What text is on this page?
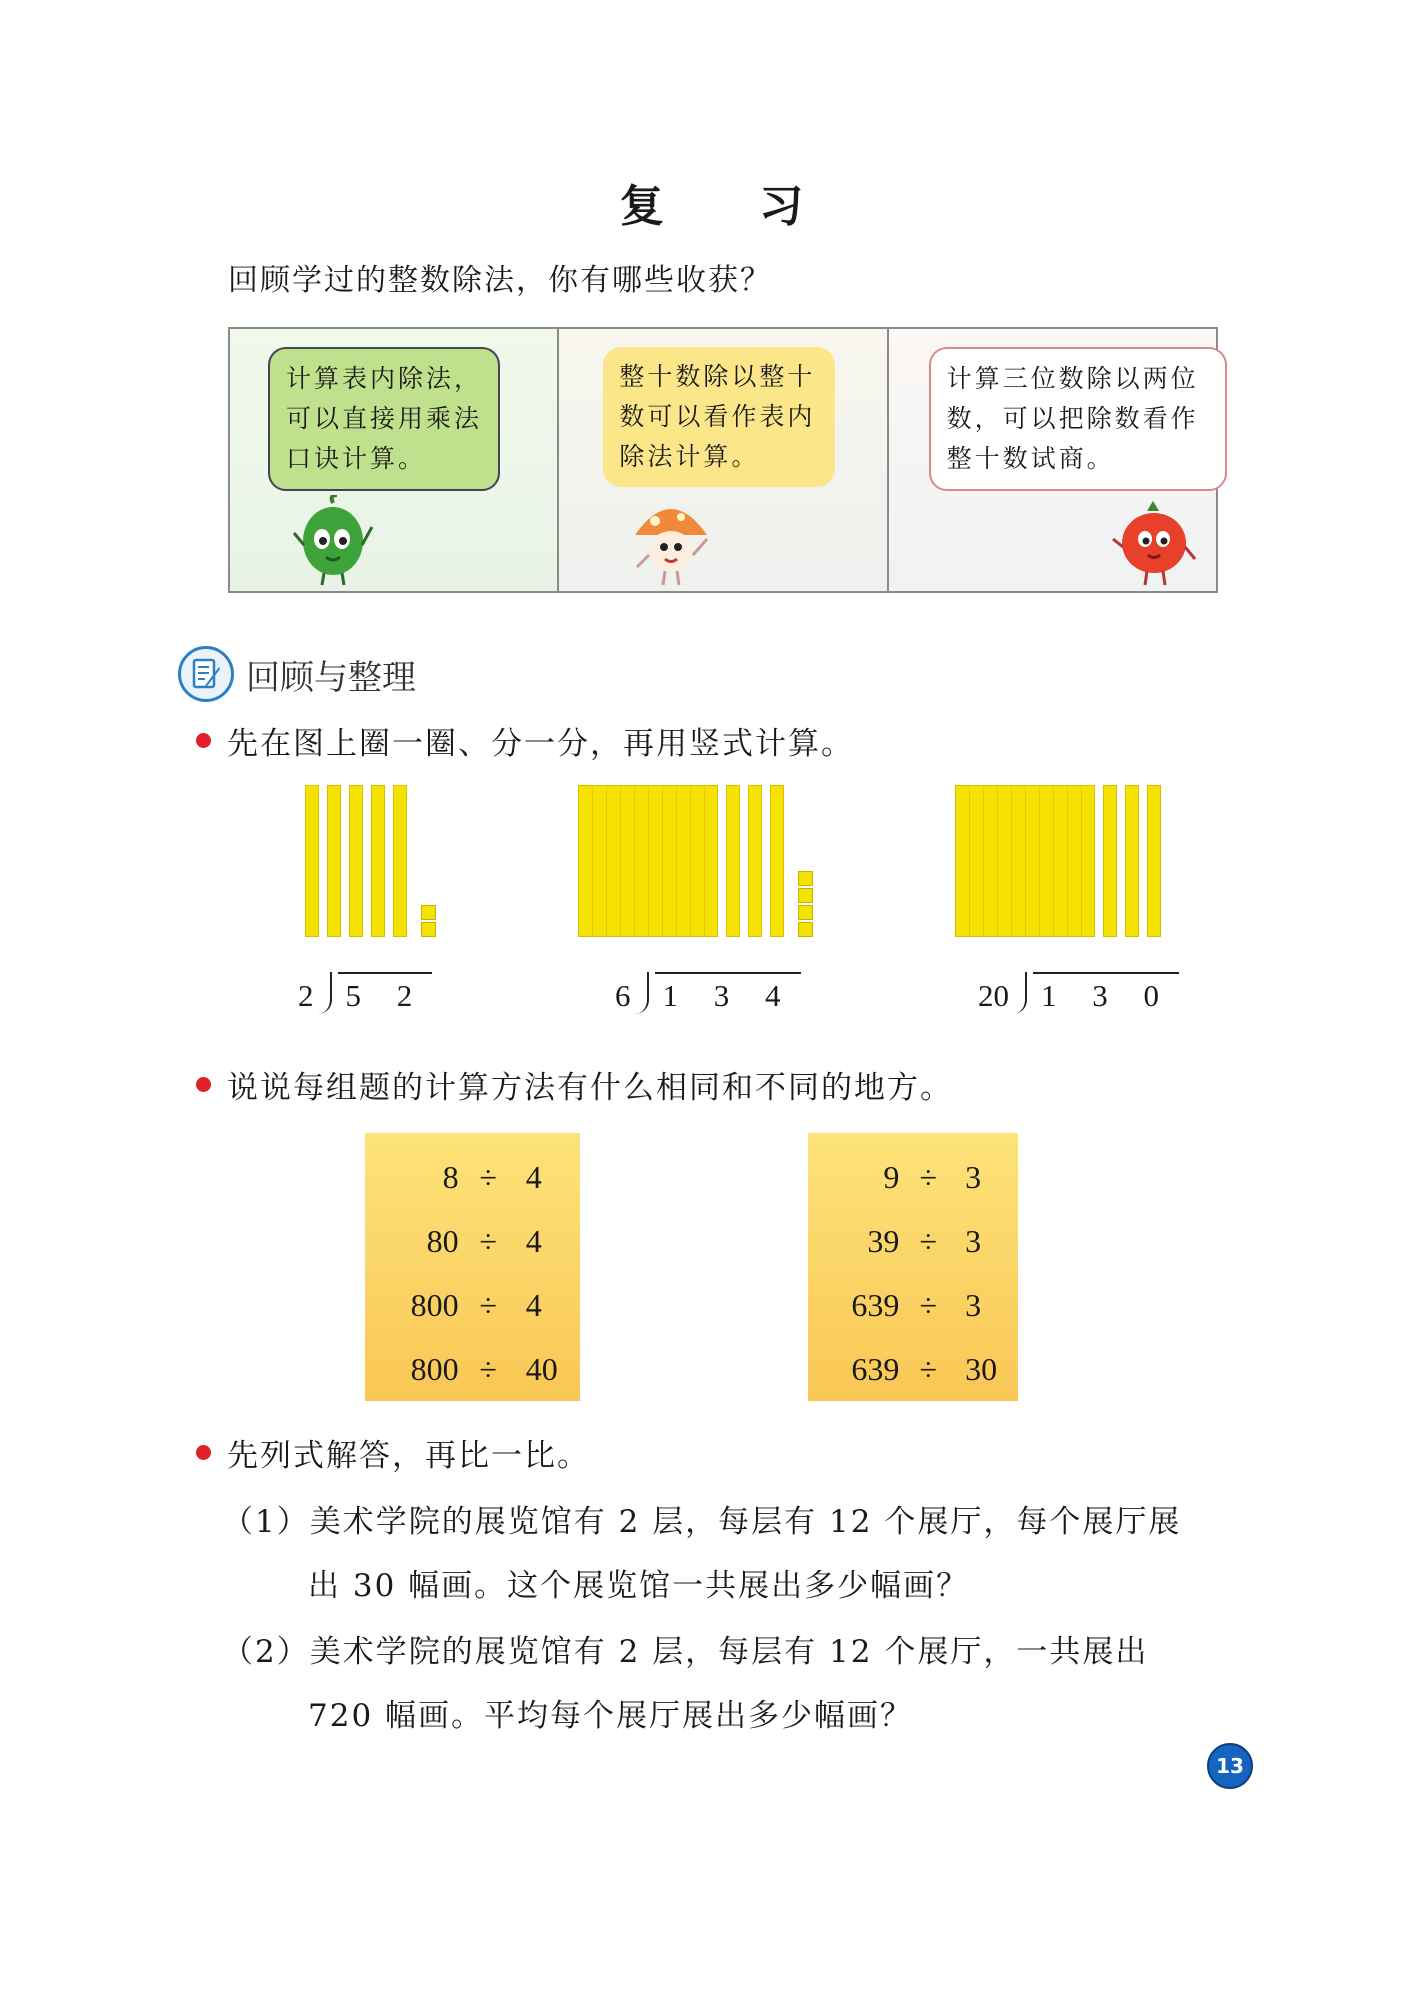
复 习
回顾学过的整数除法，你有哪些收获？
计算表内除法，可以直接用乘法口诀计算。
整十数除以整十数可以看作表内除法计算。
计算三位数除以两位数，可以把除数看作整十数试商。
回顾与整理
先在图上圈一圈、分一分，再用竖式计算。
2 5 2	6 1 3 4	20 1 3 0
说说每组题的计算方法有什么相同和不同的地方。
8 ÷ 4
80 ÷ 4
800 ÷ 4
800 ÷ 40
9 ÷ 3
39 ÷ 3
639 ÷ 3
639 ÷ 30
先列式解答，再比一比。
（1）美术学院的展览馆有 2 层，每层有 12 个展厅，每个展厅展
出 30 幅画。这个展览馆一共展出多少幅画？
（2）美术学院的展览馆有 2 层，每层有 12 个展厅，一共展出
720 幅画。平均每个展厅展出多少幅画？
13
